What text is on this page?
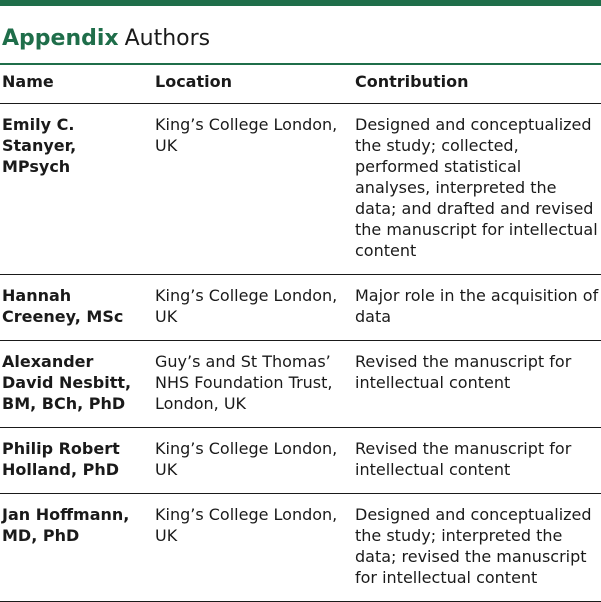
Appendix Authors
Name	Location	Contribution
Emily C. Stanyer, MPsych	King’s College London, UK	Designed and conceptualized the study; collected, performed statistical analyses, interpreted the data; and drafted and revised the manuscript for intellectual content
Hannah Creeney, MSc	King’s College London, UK	Major role in the acquisition of data
Alexander David Nesbitt, BM, BCh, PhD	Guy’s and St Thomas’ NHS Foundation Trust, London, UK	Revised the manuscript for intellectual content
Philip Robert Holland, PhD	King’s College London, UK	Revised the manuscript for intellectual content
Jan Hoffmann, MD, PhD	King’s College London, UK	Designed and conceptualized the study; interpreted the data; revised the manuscript for intellectual content
